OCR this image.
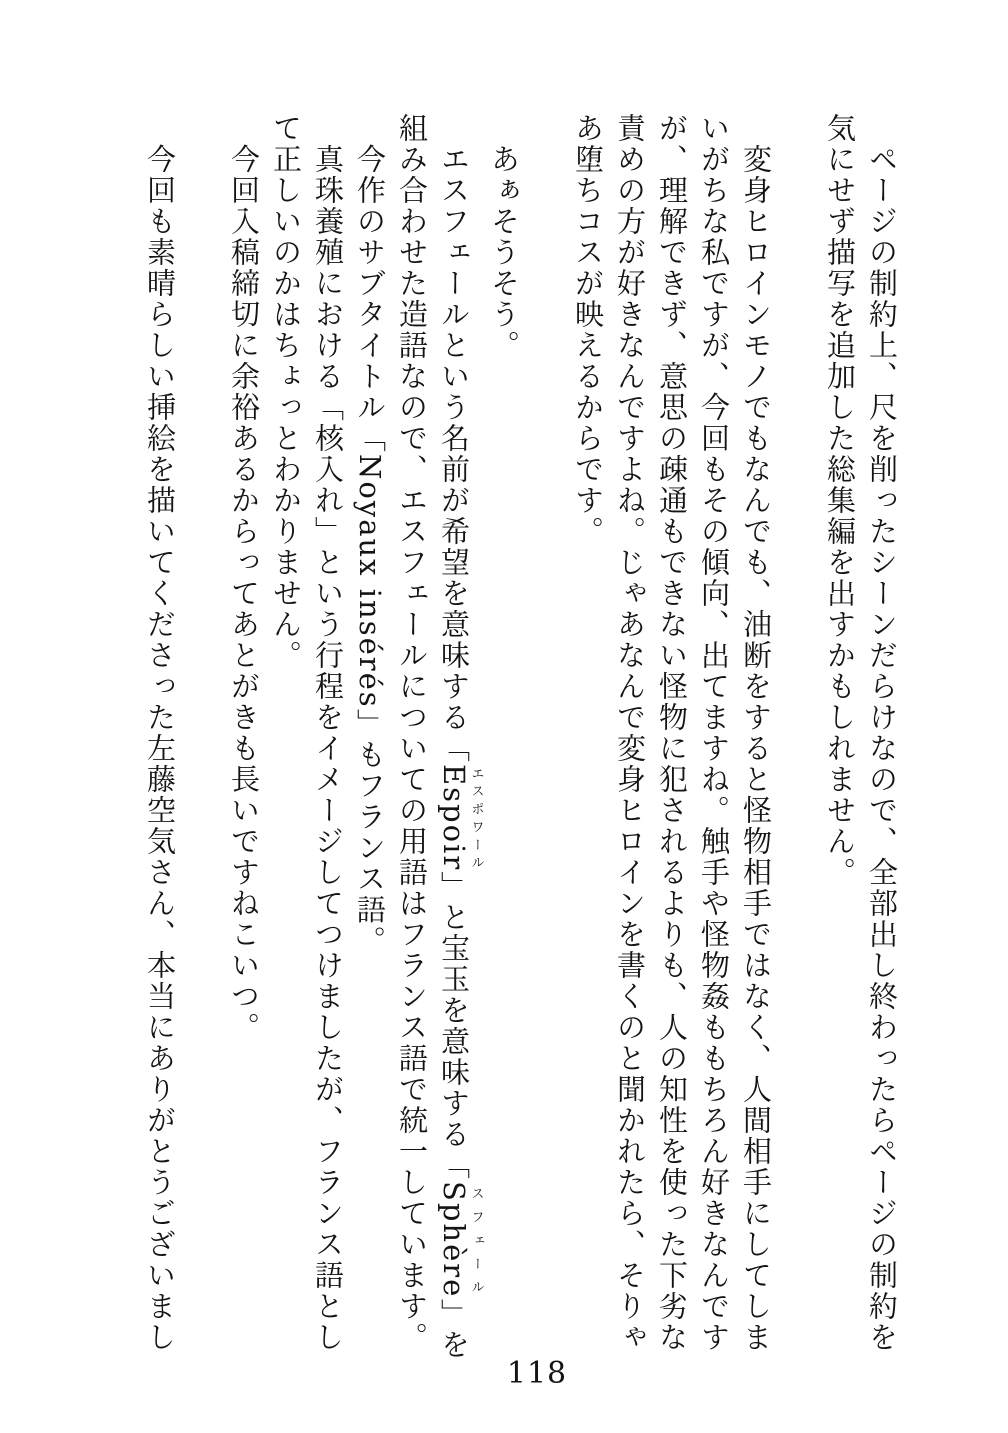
ページの制約上、尺を削ったシーンだらけなので、全部出し終わったらページの制約を

気にせず描写を追加した総集編を出すかもしれません。

変身ヒロインモノでもなんでも、油断をすると怪物相手ではなく、人間相手にしてしま

いがちな私ですが、今回もその傾向、出てますね。触手や怪物姦ももちろん好きなんです

が、理解できず、意思の疎通もできない怪物に犯されるよりも、人の知性を使った下劣な

責めの方が好きなんですよね。じゃあなんで変身ヒロインを書くのと聞かれたら、そりゃ

あ堕ちコスが映えるからです。

あぁそうそう。

エスフェールという名前が希望を意味する「Espoirエスポワール」と宝玉を意味する「Sphèreスフェール」を

組み合わせた造語なので、エスフェールについての用語はフランス語で統一しています。

今作のサブタイトル「Noyaux insérés」もフランス語。

真珠養殖における「核入れ」という行程をイメージしてつけましたが、フランス語とし

て正しいのかはちょっとわかりません。

今回入稿締切に余裕あるからってあとがきも長いですねこいつ。

今回も素晴らしい挿絵を描いてくださった左藤空気さん、本当にありがとうございまし

118
